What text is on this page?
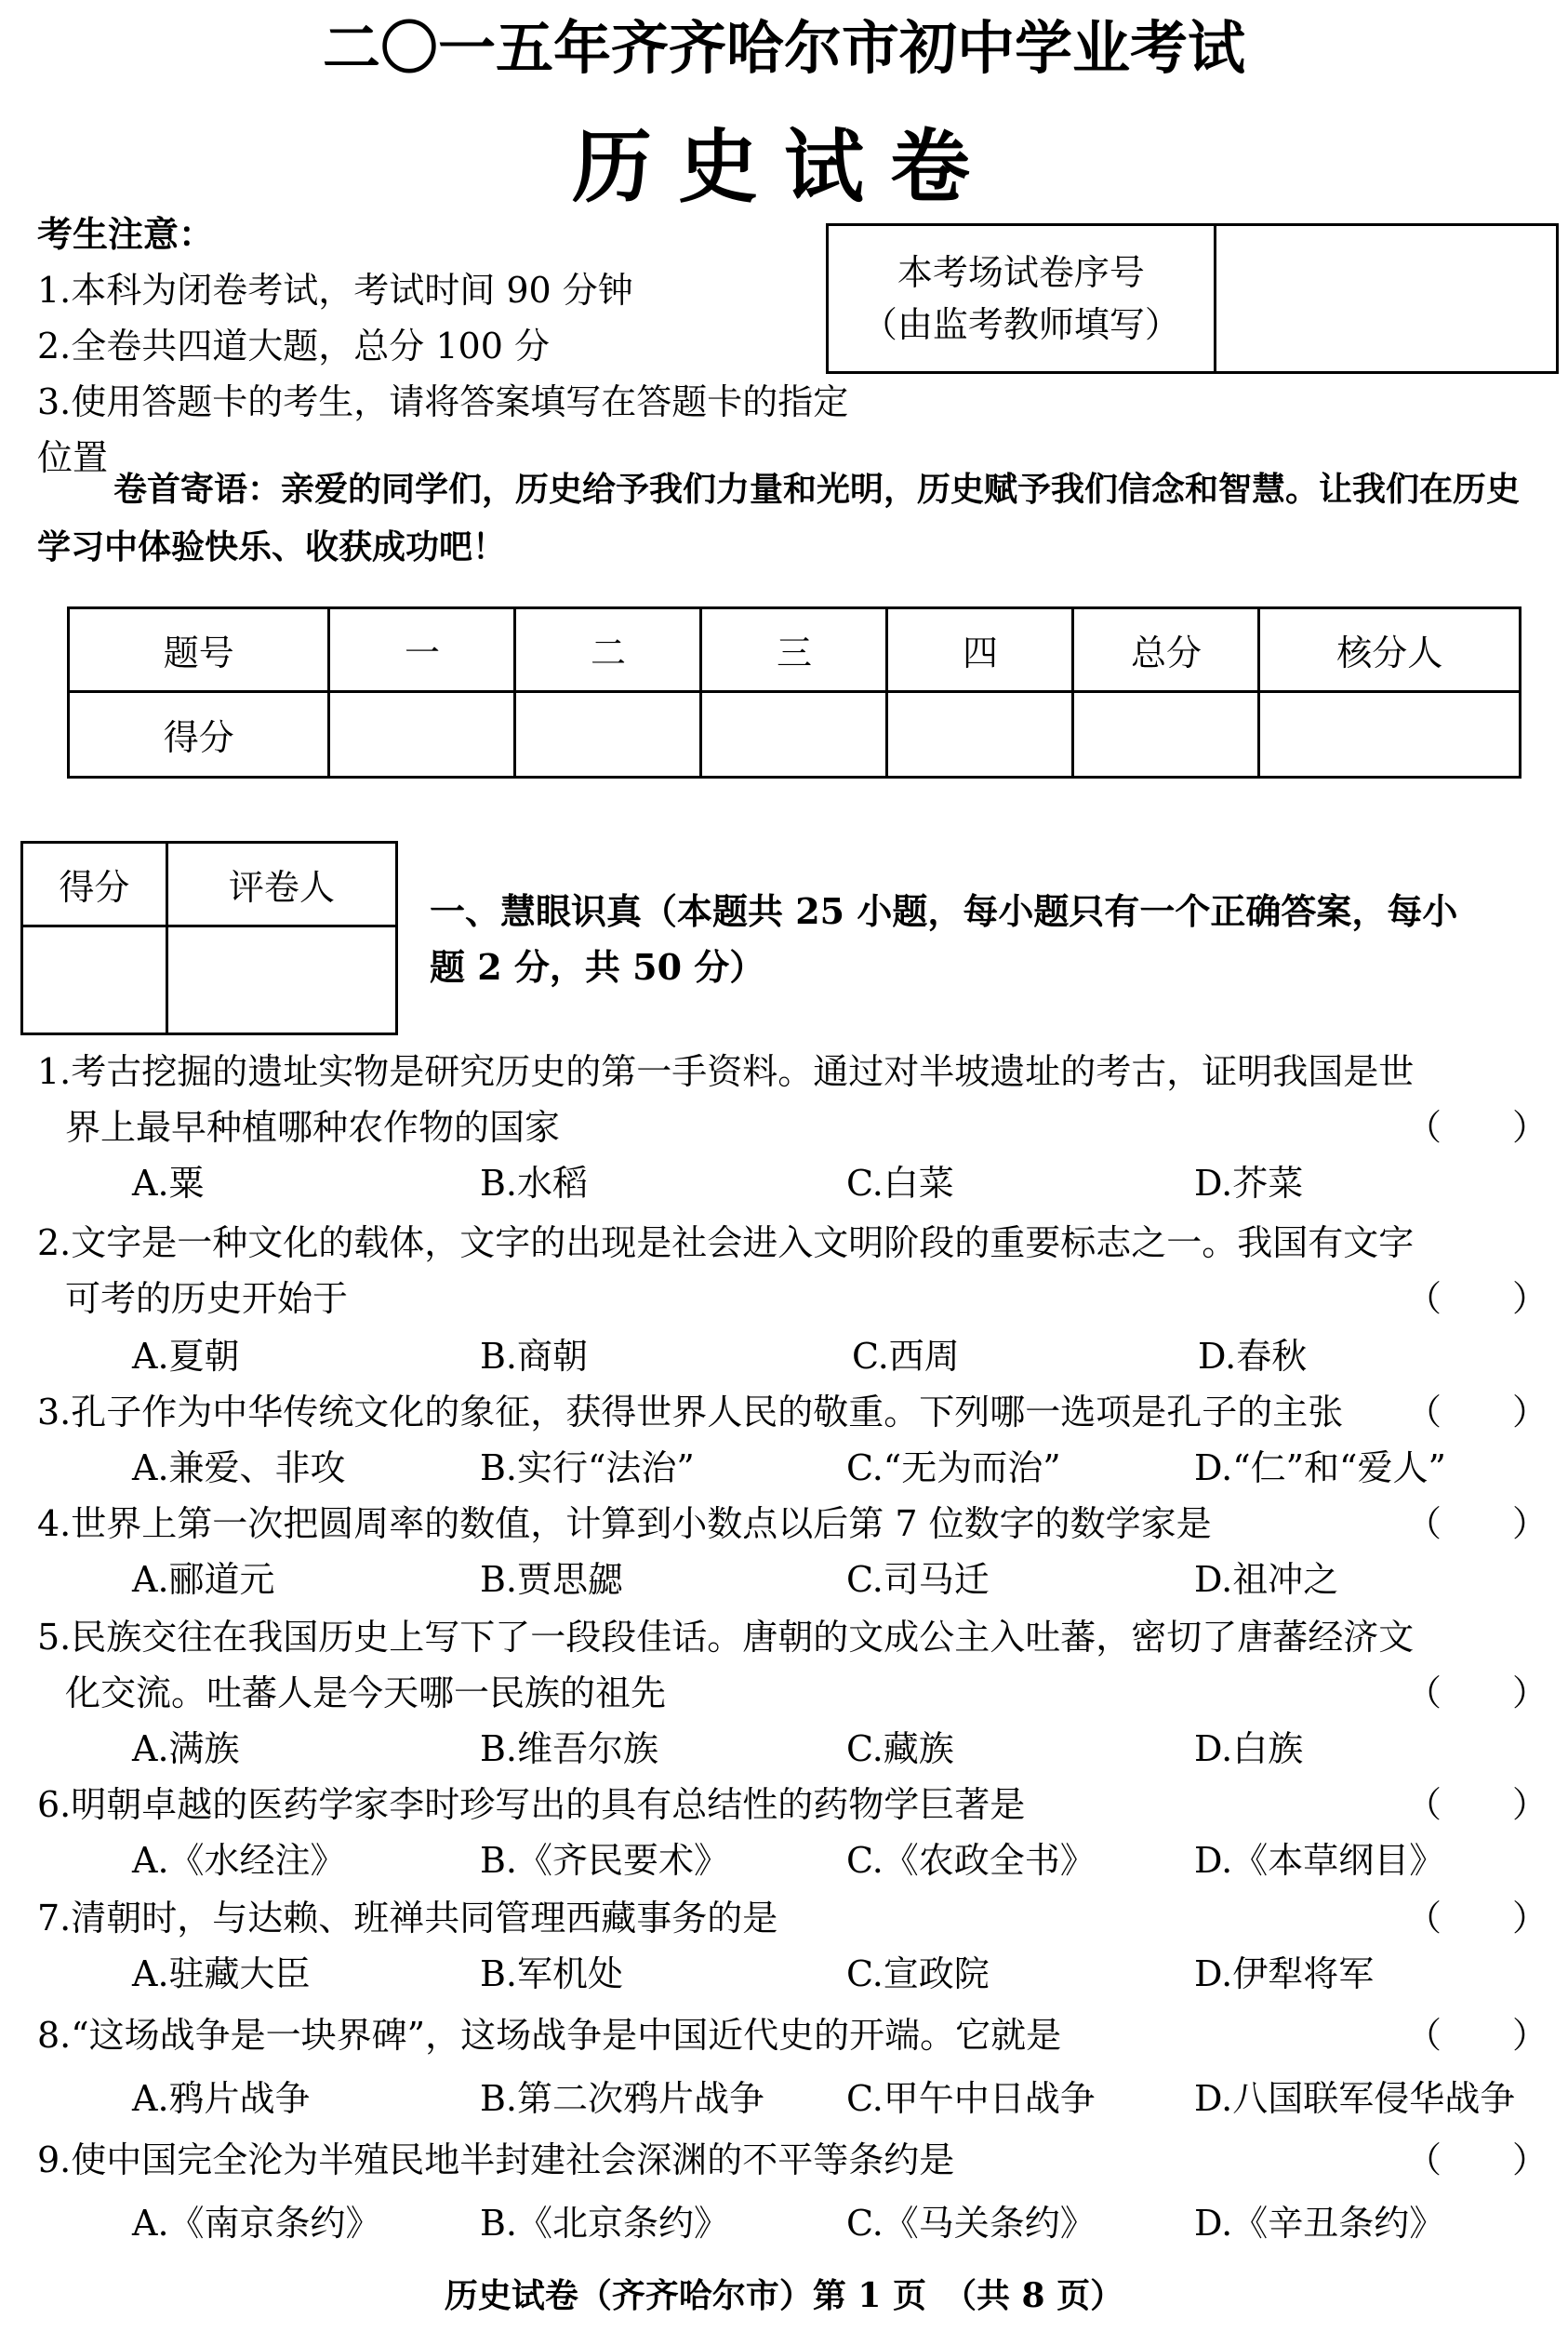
二〇一五年齐齐哈尔市初中学业考试
历史试卷
考生注意：
1.本科为闭卷考试，考试时间 90 分钟
2.全卷共四道大题，总分 100 分
3.使用答题卡的考生，请将答案填写在答题卡的指定位置
本考场试卷序号
（由监考教师填写）

卷首寄语：亲爱的同学们，历史给予我们力量和光明，历史赋予我们信念和智慧。让我们在历史学习中体验快乐、收获成功吧！
题号	一	二	三	四	总分	核分人
得分						
得分	评卷人

一、慧眼识真（本题共 25 小题，每小题只有一个正确答案，每小
题 2 分，共 50 分）
1.考古挖掘的遗址实物是研究历史的第一手资料。通过对半坡遗址的考古，证明我国是世
界上最早种植哪种农作物的国家	（　　）
A.粟	B.水稻	C.白菜	D.芥菜
2.文字是一种文化的载体，文字的出现是社会进入文明阶段的重要标志之一。我国有文字
可考的历史开始于	（　　）
A.夏朝	B.商朝	C.西周	D.春秋
3.孔子作为中华传统文化的象征，获得世界人民的敬重。下列哪一选项是孔子的主张 （　　）
A.兼爱、非攻	B.实行“法治”	C.“无为而治”	D.“仁”和“爱人”
4.世界上第一次把圆周率的数值，计算到小数点以后第 7 位数字的数学家是	（　　）
A.郦道元	B.贾思勰	C.司马迁	D.祖冲之
5.民族交往在我国历史上写下了一段段佳话。唐朝的文成公主入吐蕃，密切了唐蕃经济文
化交流。吐蕃人是今天哪一民族的祖先	（　　）
A.满族	B.维吾尔族	C.藏族	D.白族
6.明朝卓越的医药学家李时珍写出的具有总结性的药物学巨著是	（　　）
A.《水经注》	B.《齐民要术》	C.《农政全书》	D.《本草纲目》
7.清朝时，与达赖、班禅共同管理西藏事务的是	（　　）
A.驻藏大臣	B.军机处	C.宣政院	D.伊犁将军
8.“这场战争是一块界碑”，这场战争是中国近代史的开端。它就是	（　　）
A.鸦片战争	B.第二次鸦片战争 C.甲午中日战争	D.八国联军侵华战争
9.使中国完全沦为半殖民地半封建社会深渊的不平等条约是	（　　）
A.《南京条约》	B.《北京条约》	C.《马关条约》	D.《辛丑条约》
历史试卷（齐齐哈尔市）第 1 页　（共 8 页）
